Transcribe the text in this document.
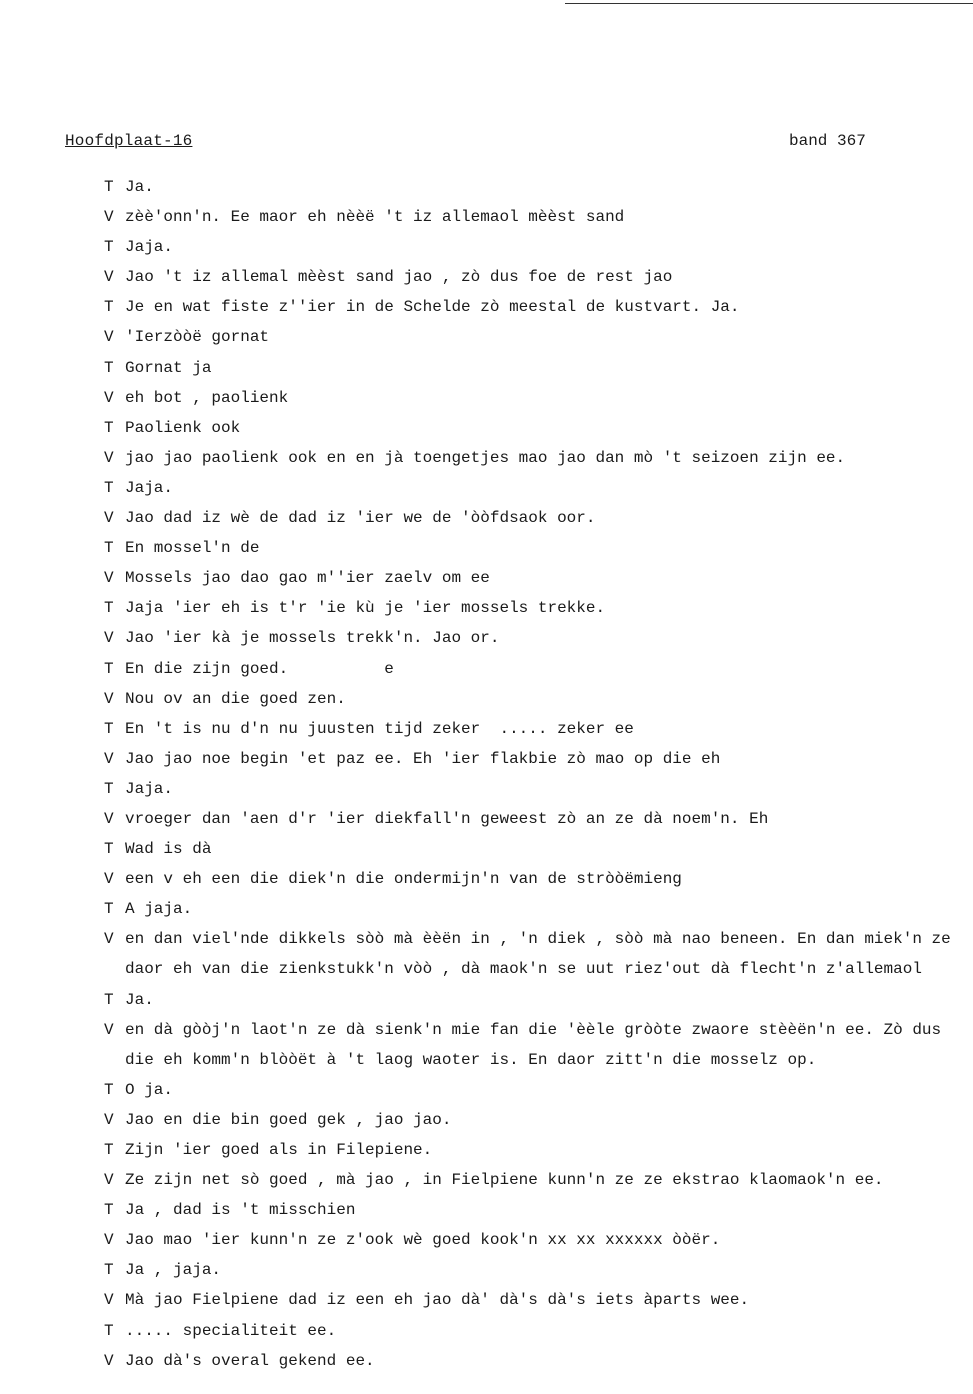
Hoofdplaat-16	band 367
T Ja.
V zèè'onn'n. Ee maor eh nèèë 't iz allemaol mèèst sand
T Jaja.
V Jao 't iz allemal mèèst sand jao , zò dus foe de rest jao
T Je en wat fiste z''ier in de Schelde zò meestal de kustvart. Ja.
V 'Ierzòòë gornat
T Gornat ja
V eh bot , paolienk
T Paolienk ook
V jao jao paolienk ook en en jà toengetjes mao jao dan mò 't seizoen zijn ee.
T Jaja.
V Jao dad iz wè de dad iz 'ier we de 'òòfdsaok oor.
T En mossel'n de
V Mossels jao dao gao m''ier zaelv om ee
T Jaja 'ier eh is t'r 'ie kù je 'ier mossels trekke.
V Jao 'ier kà je mossels trekk'n. Jao or.
T En die zijn goed.          e
V Nou ov an die goed zen.
T En 't is nu d'n nu juusten tijd zeker  ..... zeker ee
V Jao jao noe begin 'et paz ee. Eh 'ier flakbie zò mao op die eh
T Jaja.
V vroeger dan 'aen d'r 'ier diekfall'n geweest zò an ze dà noem'n. Eh
T Wad is dà
V een v eh een die diek'n die ondermijn'n van de stròòëmieng
T A jaja.
V en dan viel'nde dikkels sòò mà èèën in , 'n diek , sòò mà nao beneen. En dan miek'n ze daor eh van die zienkstukk'n vòò , dà maok'n se uut riez'out dà flecht'n z'allemaol
T Ja.
V en dà gòòj'n laot'n ze dà sienk'n mie fan die 'èèle gròòte zwaore stèèën'n ee. Zò dus die eh komm'n blòòët à 't laog waoter is. En daor zitt'n die mosselz op.
T O ja.
V Jao en die bin goed gek , jao jao.
T Zijn 'ier goed als in Filepiene.
V Ze zijn net sò goed , mà jao , in Fielpiene kunn'n ze ze ekstrao klaomaok'n ee.
T Ja , dad is 't misschien
V Jao mao 'ier kunn'n ze z'ook wè goed kook'n xx xx xxxxxx òòër.
T Ja , jaja.
V Mà jao Fielpiene dad iz een eh jao dà' dà's dà's iets àparts wee.
T ..... specialiteit ee.
V Jao dà's overal gekend ee.
